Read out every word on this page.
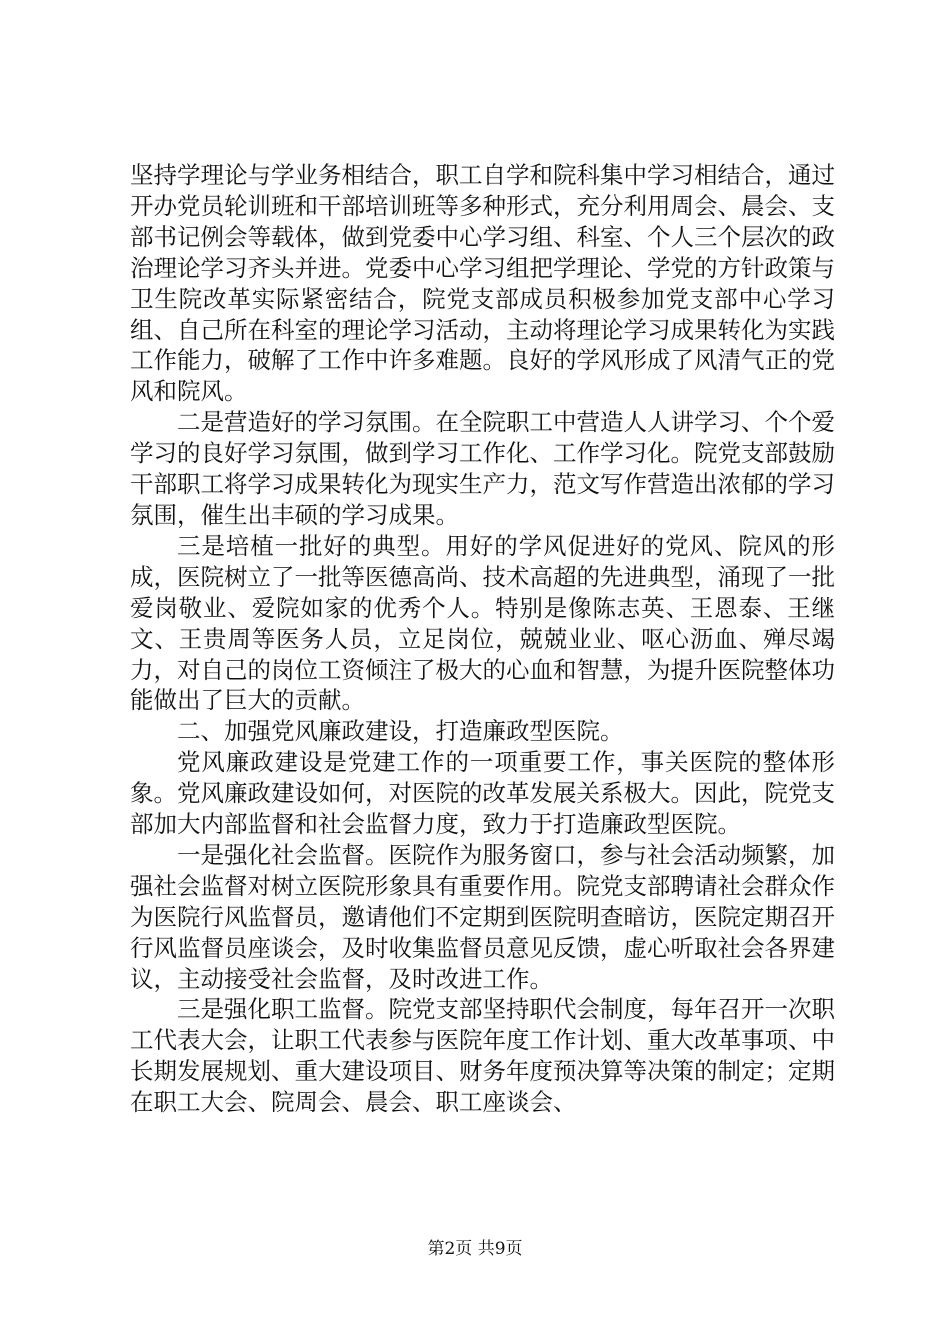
坚持学理论与学业务相结合，职工自学和院科集中学习相结合，通过开办党员轮训班和干部培训班等多种形式，充分利用周会、晨会、支部书记例会等载体，做到党委中心学习组、科室、个人三个层次的政治理论学习齐头并进。党委中心学习组把学理论、学党的方针政策与卫生院改革实际紧密结合，院党支部成员积极参加党支部中心学习组、自己所在科室的理论学习活动，主动将理论学习成果转化为实践工作能力，破解了工作中许多难题。良好的学风形成了风清气正的党风和院风。

二是营造好的学习氛围。在全院职工中营造人人讲学习、个个爱学习的良好学习氛围，做到学习工作化、工作学习化。院党支部鼓励干部职工将学习成果转化为现实生产力，范文写作营造出浓郁的学习氛围，催生出丰硕的学习成果。

三是培植一批好的典型。用好的学风促进好的党风、院风的形成，医院树立了一批等医德高尚、技术高超的先进典型，涌现了一批爱岗敬业、爱院如家的优秀个人。特别是像陈志英、王恩泰、王继文、王贵周等医务人员，立足岗位，兢兢业业、呕心沥血、殚尽竭力，对自己的岗位工资倾注了极大的心血和智慧，为提升医院整体功能做出了巨大的贡献。

二、加强党风廉政建设，打造廉政型医院。

党风廉政建设是党建工作的一项重要工作，事关医院的整体形象。党风廉政建设如何，对医院的改革发展关系极大。因此，院党支部加大内部监督和社会监督力度，致力于打造廉政型医院。

一是强化社会监督。医院作为服务窗口，参与社会活动频繁，加强社会监督对树立医院形象具有重要作用。院党支部聘请社会群众作为医院行风监督员，邀请他们不定期到医院明查暗访，医院定期召开行风监督员座谈会，及时收集监督员意见反馈，虚心听取社会各界建议，主动接受社会监督，及时改进工作。

三是强化职工监督。院党支部坚持职代会制度，每年召开一次职工代表大会，让职工代表参与医院年度工作计划、重大改革事项、中长期发展规划、重大建设项目、财务年度预决算等决策的制定；定期在职工大会、院周会、晨会、职工座谈会、

第2页 共9页
